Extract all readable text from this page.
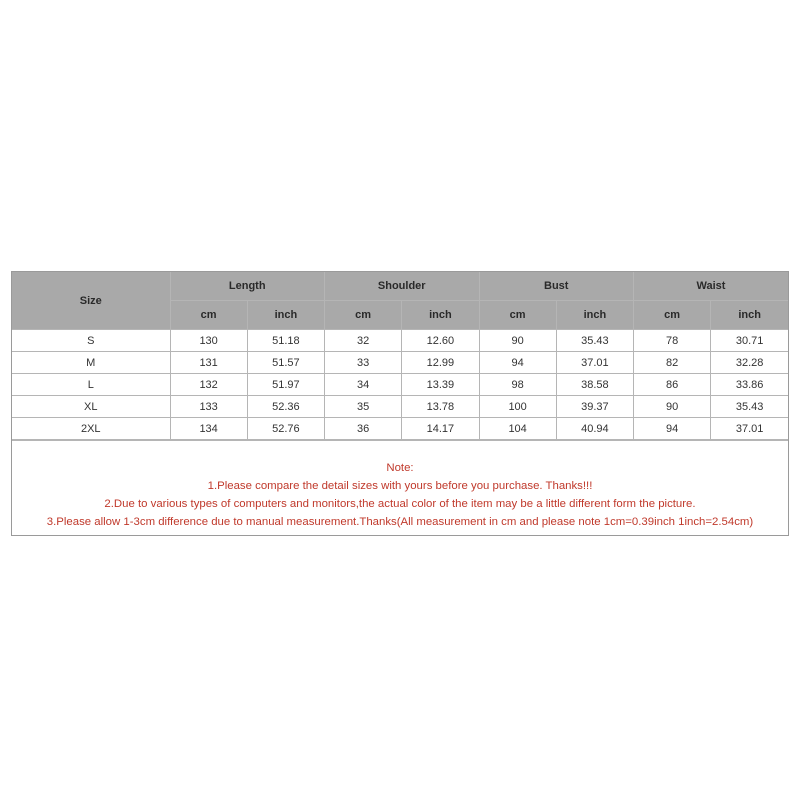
Size	Length		Shoulder		Bust		Waist	
	cm	inch	cm	inch	cm	inch	cm	inch
S	130	51.18	32	12.60	90	35.43	78	30.71
M	131	51.57	33	12.99	94	37.01	82	32.28
L	132	51.97	34	13.39	98	38.58	86	33.86
XL	133	52.36	35	13.78	100	39.37	90	35.43
2XL	134	52.76	36	14.17	104	40.94	94	37.01
Note:
1.Please compare the detail sizes with yours before you purchase. Thanks!!!
2.Due to various types of computers and monitors,the actual color of the item may be a little different form the picture.
3.Please allow 1-3cm difference due to manual measurement.Thanks(All measurement in cm and please note 1cm=0.39inch 1inch=2.54cm)
